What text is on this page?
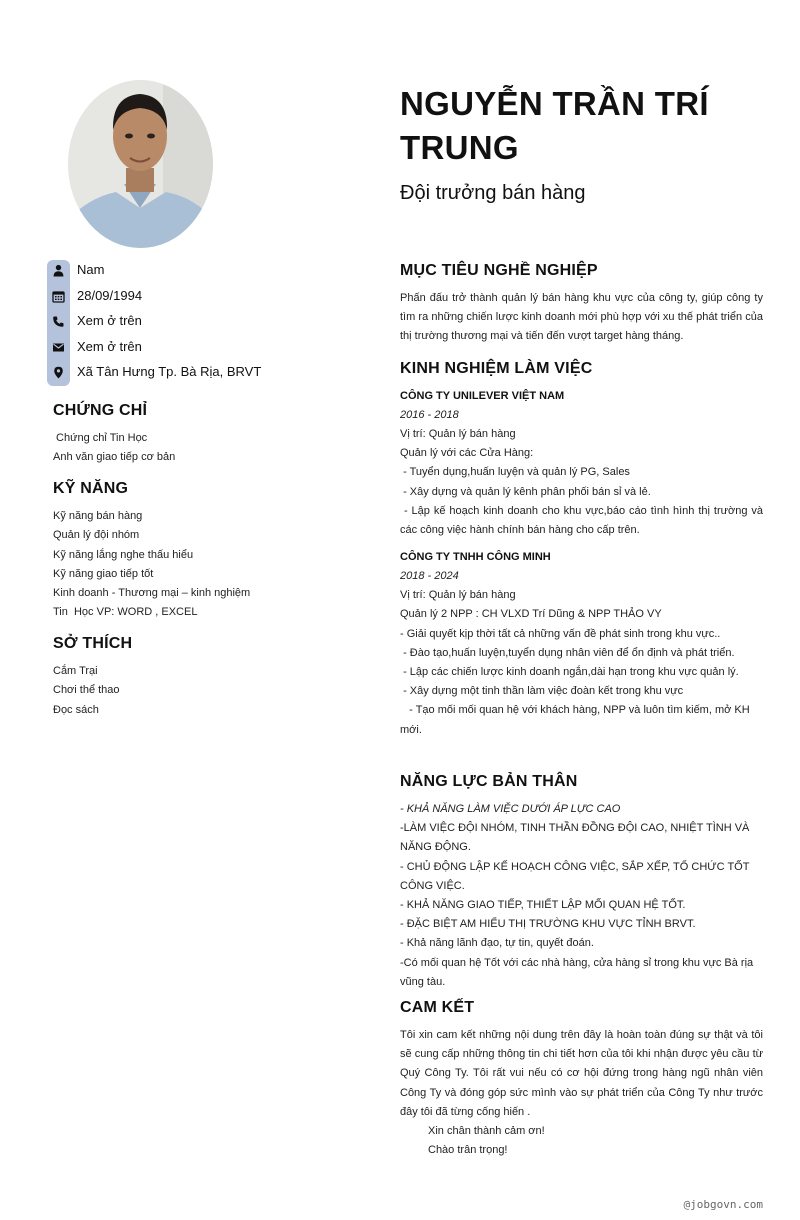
Nam
28/09/1994
Xem ở trên
Xem ở trên
Xã Tân Hưng Tp. Bà Rịa, BRVT
CHỨNG CHỈ
Chứng chỉ Tin Học
Anh văn giao tiếp cơ bản
KỸ NĂNG
Kỹ năng bán hàng
Quản lý đội nhóm
Kỹ năng lắng nghe thấu hiểu
Kỹ năng giao tiếp tốt
Kinh doanh - Thương mại – kinh nghiệm
Tin  Học VP: WORD , EXCEL
SỞ THÍCH
Cắm Trại
Chơi thể thao
Đọc sách
NGUYỄN TRẦN TRÍ TRUNG
Đội trưởng bán hàng
MỤC TIÊU NGHỀ NGHIỆP
Phấn đấu trở thành quản lý bán hàng khu vực của công ty, giúp công ty tìm ra những chiến lược kinh doanh mới phù hợp với xu thế phát triển của thị trường thương mại và tiến đến vượt target hàng tháng.
KINH NGHIỆM LÀM VIỆC
CÔNG TY UNILEVER VIỆT NAM
2016 - 2018
Vị trí: Quản lý bán hàng
Quản lý với các Cửa Hàng:
- Tuyển dụng,huấn luyện và quản lý PG, Sales
- Xây dựng và quản lý kênh phân phối bán sỉ và lẻ.
- Lập kế hoạch kinh doanh cho khu vực,báo cáo tình hình thị trường và các công việc hành chính bán hàng cho cấp trên.
CÔNG TY TNHH CÔNG MINH
2018 - 2024
Vị trí: Quản lý bán hàng
Quản lý 2 NPP : CH VLXD Trí Dũng & NPP THẢO VY
- Giải quyết kịp thời tất cả những vấn đề phát sinh trong khu vực..
- Đào tạo,huấn luyện,tuyển dụng nhân viên để ổn định và phát triển.
- Lập các chiến lược kinh doanh ngắn,dài hạn trong khu vực quản lý.
- Xây dựng một tinh thần làm việc đoàn kết trong khu vực
- Tạo mối mối quan hệ với khách hàng, NPP và luôn tìm kiếm, mở KH mới.
NĂNG LỰC BẢN THÂN
- KHẢ NĂNG LÀM VIỆC DƯỚI ÁP LỰC CAO
-LÀM VIỆC ĐỘI NHÓM, TINH THẦN ĐỒNG ĐỘI CAO, NHIỆT TÌNH VÀ NĂNG ĐỘNG.
- CHỦ ĐỘNG LẬP KẾ HOẠCH CÔNG VIỆC, SẮP XẾP, TỔ CHỨC TỐT CÔNG VIỆC.
- KHẢ NĂNG GIAO TIẾP, THIẾT LẬP MỐI QUAN HỆ TỐT.
- ĐẶC BIỆT AM HIỂU THỊ TRƯỜNG KHU VỰC TỈNH BRVT.
- Khả năng lãnh đạo, tự tin, quyết đoán.
-Có mối quan hệ Tốt với các nhà hàng, cửa hàng sỉ trong khu vực Bà rịa vũng tàu.
CAM KẾT
Tôi xin cam kết những nội dung trên đây là hoàn toàn đúng sự thật và tôi sẽ cung cấp những thông tin chi tiết hơn của tôi khi nhận được yêu cầu từ Quý Công Ty. Tôi rất vui nếu có cơ hội đứng trong hàng ngũ nhân viên Công Ty và đóng góp sức mình vào sự phát triển của Công Ty như trước đây tôi đã từng cống hiến .
Xin chân thành cảm ơn!
Chào trân trọng!
@jobgovn.com
